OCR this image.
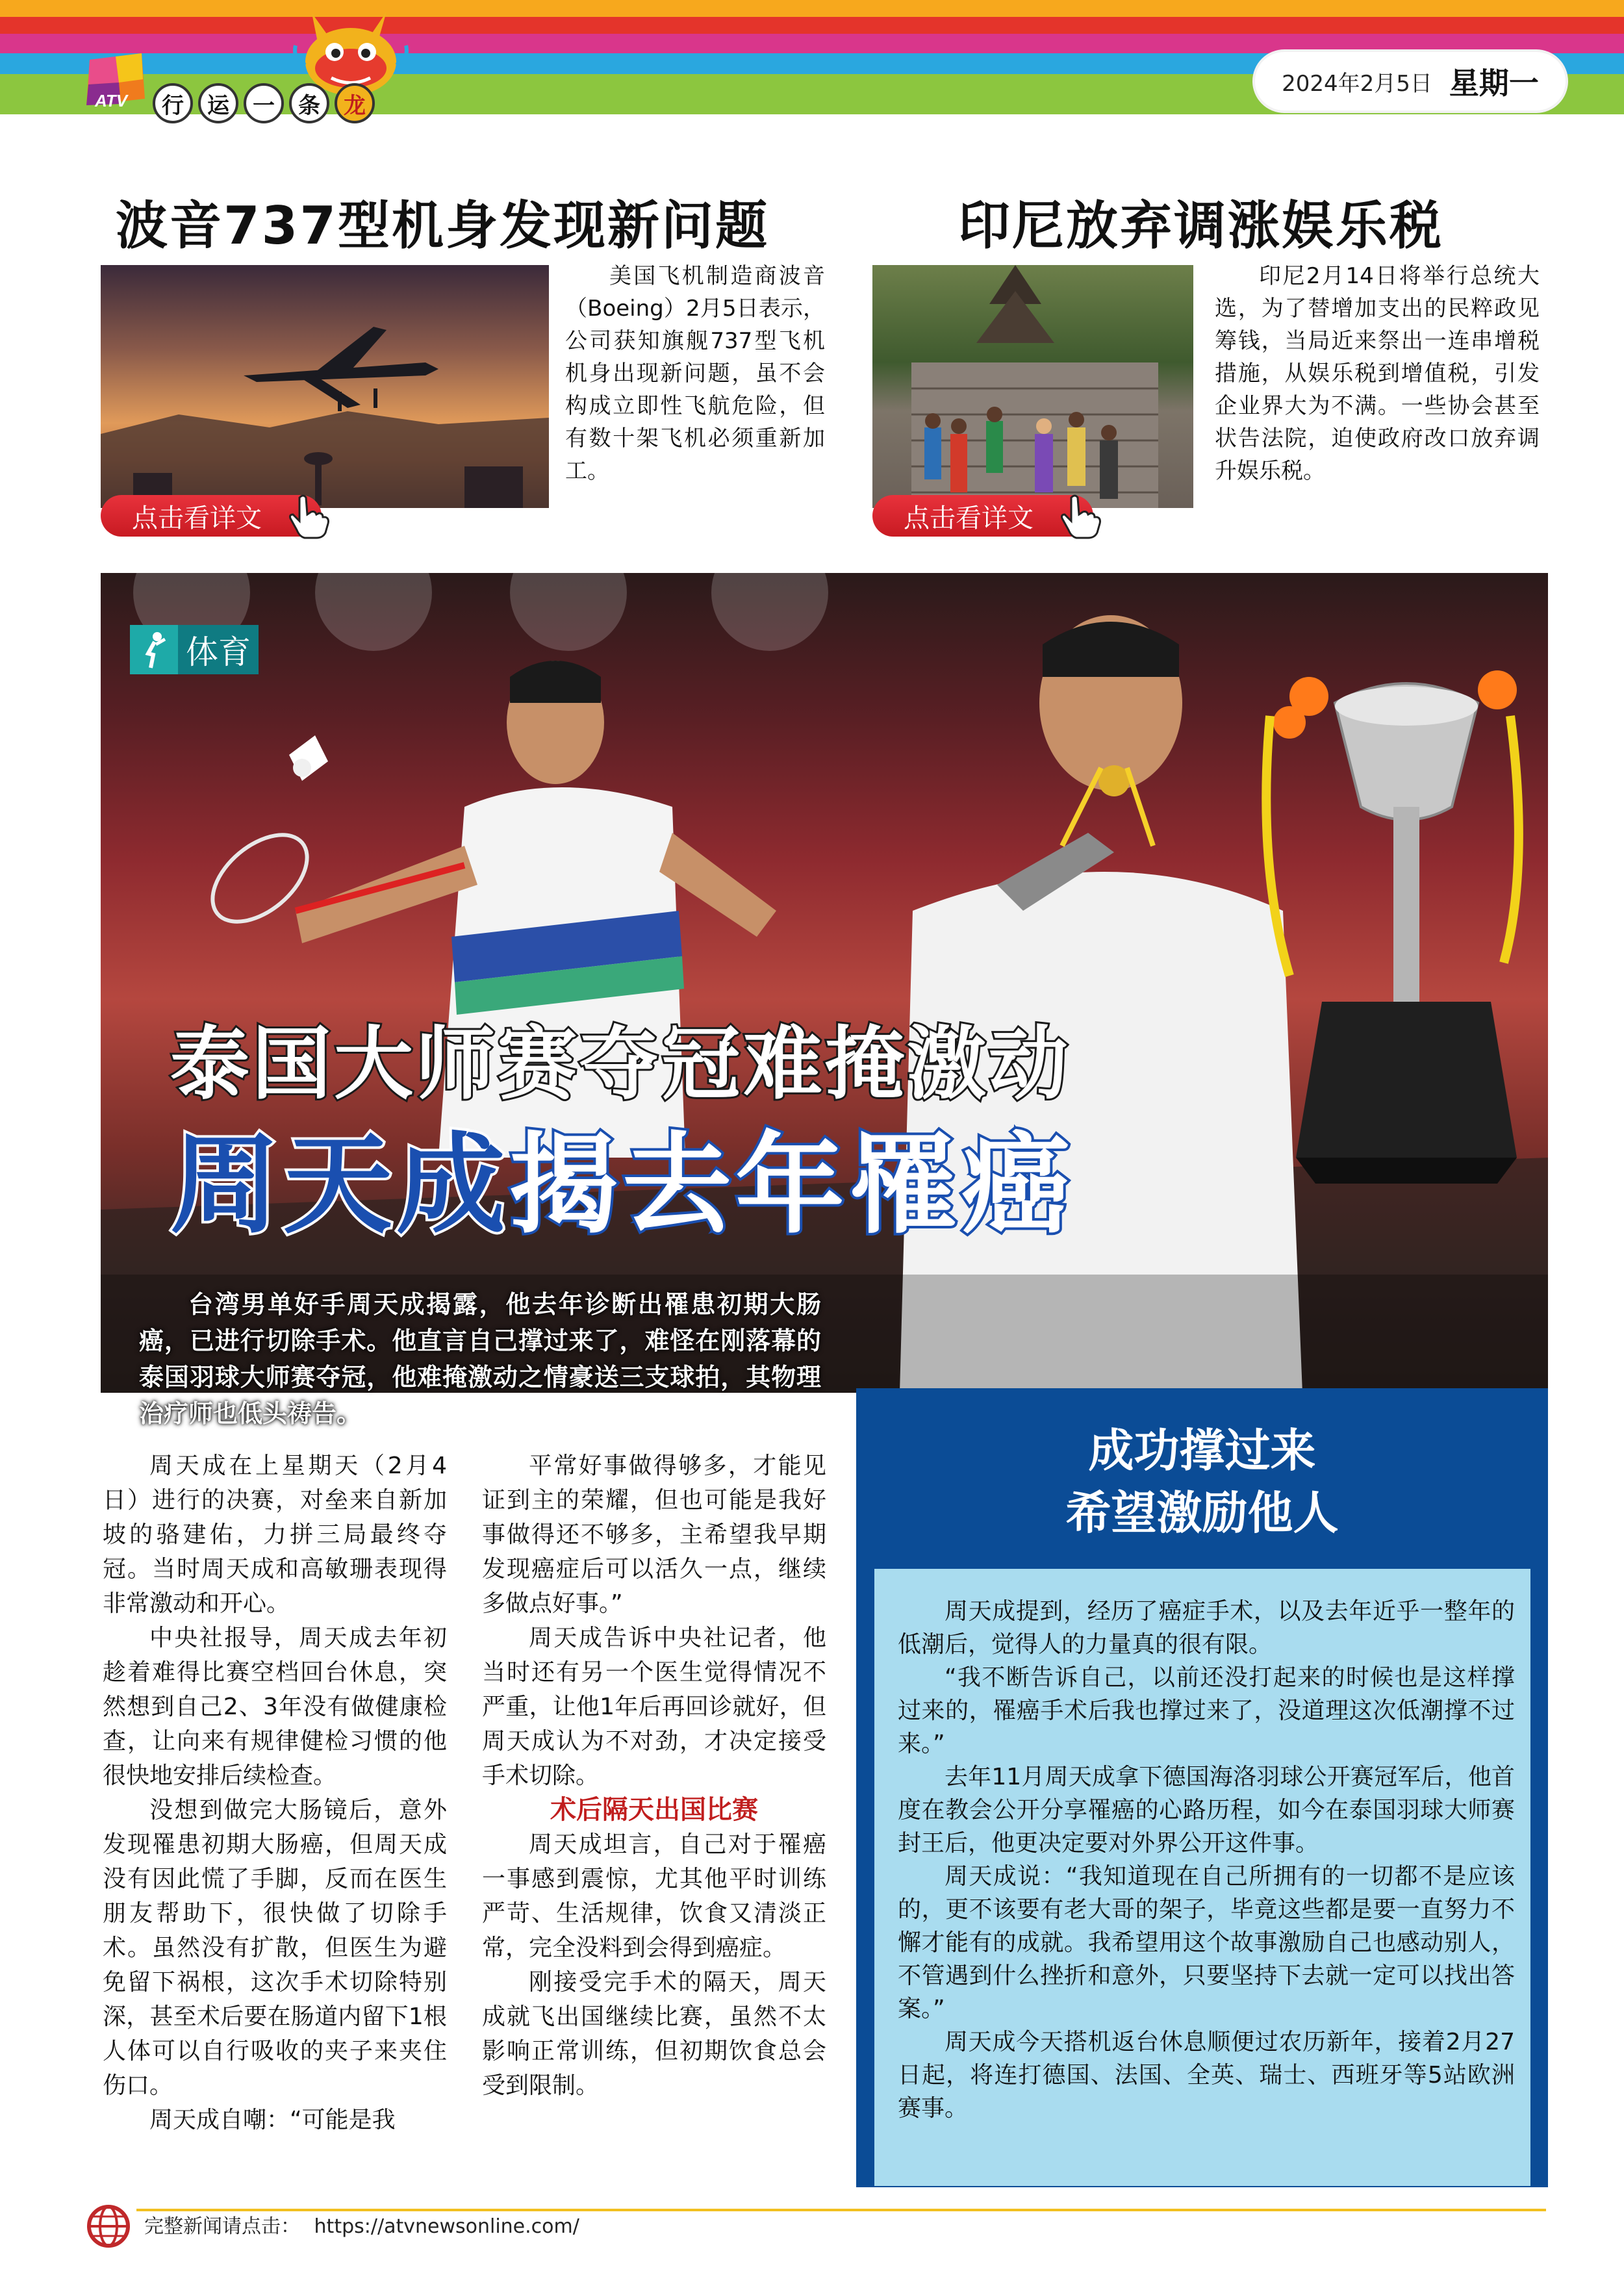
ATV	行	运	一	条	龙
2024年2月5日 星期一
波音737型机身发现新问题

美国飞机制造商波音（Boeing）2月5日表示，公司获知旗舰737型飞机机身出现新问题，虽不会构成立即性飞航危险，但有数十架飞机必须重新加工。

点击看详文
印尼放弃调涨娱乐税

印尼2月14日将举行总统大选，为了替增加支出的民粹政见筹钱，当局近来祭出一连串增税措施，从娱乐税到增值税，引发企业界大为不满。一些协会甚至状告法院，迫使政府改口放弃调升娱乐税。

点击看详文
体育
泰国大师赛夺冠难掩激动
周天成揭去年罹癌

台湾男单好手周天成揭露，他去年诊断出罹患初期大肠癌，已进行切除手术。他直言自己撑过来了，难怪在刚落幕的泰国羽球大师赛夺冠，他难掩激动之情豪送三支球拍，其物理治疗师也低头祷告。

周天成在上星期天（2月4日）进行的决赛，对垒来自新加坡的骆建佑，力拼三局最终夺冠。当时周天成和高敏珊表现得非常激动和开心。

中央社报导，周天成去年初趁着难得比赛空档回台休息，突然想到自己2、3年没有做健康检查，让向来有规律健检习惯的他很快地安排后续检查。

没想到做完大肠镜后，意外发现罹患初期大肠癌，但周天成没有因此慌了手脚，反而在医生朋友帮助下，很快做了切除手术。虽然没有扩散，但医生为避免留下祸根，这次手术切除特别深，甚至术后要在肠道内留下1根人体可以自行吸收的夹子来夹住伤口。

周天成自嘲：“可能是我

平常好事做得够多，才能见证到主的荣耀，但也可能是我好事做得还不够多，主希望我早期发现癌症后可以活久一点，继续多做点好事。”

周天成告诉中央社记者，他当时还有另一个医生觉得情况不严重，让他1年后再回诊就好，但周天成认为不对劲，才决定接受手术切除。

术后隔天出国比赛

周天成坦言，自己对于罹癌一事感到震惊，尤其他平时训练严苛、生活规律，饮食又清淡正常，完全没料到会得到癌症。

刚接受完手术的隔天，周天成就飞出国继续比赛，虽然不太影响正常训练，但初期饮食总会受到限制。

成功撑过来
希望激励他人

周天成提到，经历了癌症手术，以及去年近乎一整年的低潮后，觉得人的力量真的很有限。

“我不断告诉自己，以前还没打起来的时候也是这样撑过来的，罹癌手术后我也撑过来了，没道理这次低潮撑不过来。”

去年11月周天成拿下德国海洛羽球公开赛冠军后，他首度在教会公开分享罹癌的心路历程，如今在泰国羽球大师赛封王后，他更决定要对外界公开这件事。

周天成说：“我知道现在自己所拥有的一切都不是应该的，更不该要有老大哥的架子，毕竟这些都是要一直努力不懈才能有的成就。我希望用这个故事激励自己也感动别人，不管遇到什么挫折和意外，只要坚持下去就一定可以找出答案。”

周天成今天搭机返台休息顺便过农历新年，接着2月27日起，将连打德国、法国、全英、瑞士、西班牙等5站欧洲赛事。

完整新闻请点击： https://atvnewsonline.com/
